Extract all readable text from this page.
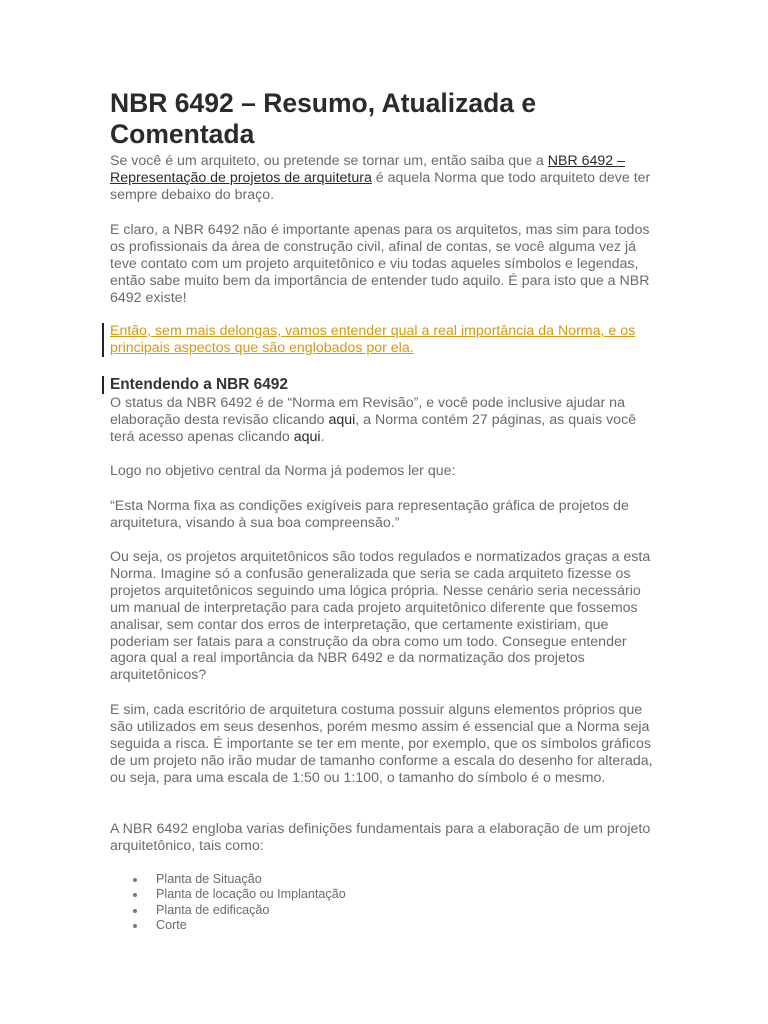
NBR 6492 – Resumo, Atualizada e Comentada

Se você é um arquiteto, ou pretende se tornar um, então saiba que a NBR 6492 – Representação de projetos de arquitetura é aquela Norma que todo arquiteto deve ter sempre debaixo do braço.

E claro, a NBR 6492 não é importante apenas para os arquitetos, mas sim para todos os profissionais da área de construção civil, afinal de contas, se você alguma vez já teve contato com um projeto arquitetônico e viu todas aqueles símbolos e legendas, então sabe muito bem da importância de entender tudo aquilo. É para isto que a NBR 6492 existe!

Então, sem mais delongas, vamos entender qual a real importância da Norma, e os principais aspectos que são englobados por ela.

Entendendo a NBR 6492

O status da NBR 6492 é de “Norma em Revisão”, e você pode inclusive ajudar na elaboração desta revisão clicando aqui, a Norma contém 27 páginas, as quais você terá acesso apenas clicando aqui.

Logo no objetivo central da Norma já podemos ler que:

“Esta Norma fixa as condições exigíveis para representação gráfica de projetos de arquitetura, visando à sua boa compreensão.”

Ou seja, os projetos arquitetônicos são todos regulados e normatizados graças a esta Norma. Imagine só a confusão generalizada que seria se cada arquiteto fizesse os projetos arquitetônicos seguindo uma lógica própria. Nesse cenário seria necessário um manual de interpretação para cada projeto arquitetônico diferente que fossemos analisar, sem contar dos erros de interpretação, que certamente existiriam, que poderiam ser fatais para a construção da obra como um todo. Consegue entender agora qual a real importância da NBR 6492 e da normatização dos projetos arquitetônicos?

E sim, cada escritório de arquitetura costuma possuir alguns elementos próprios que são utilizados em seus desenhos, porém mesmo assim é essencial que a Norma seja seguida a risca. É importante se ter em mente, por exemplo, que os símbolos gráficos de um projeto não irão mudar de tamanho conforme a escala do desenho for alterada, ou seja, para uma escala de 1:50 ou 1:100, o tamanho do símbolo é o mesmo.

A NBR 6492 engloba varias definições fundamentais para a elaboração de um projeto arquitetônico, tais como:

Planta de Situação
Planta de locação ou Implantação
Planta de edificação
Corte
